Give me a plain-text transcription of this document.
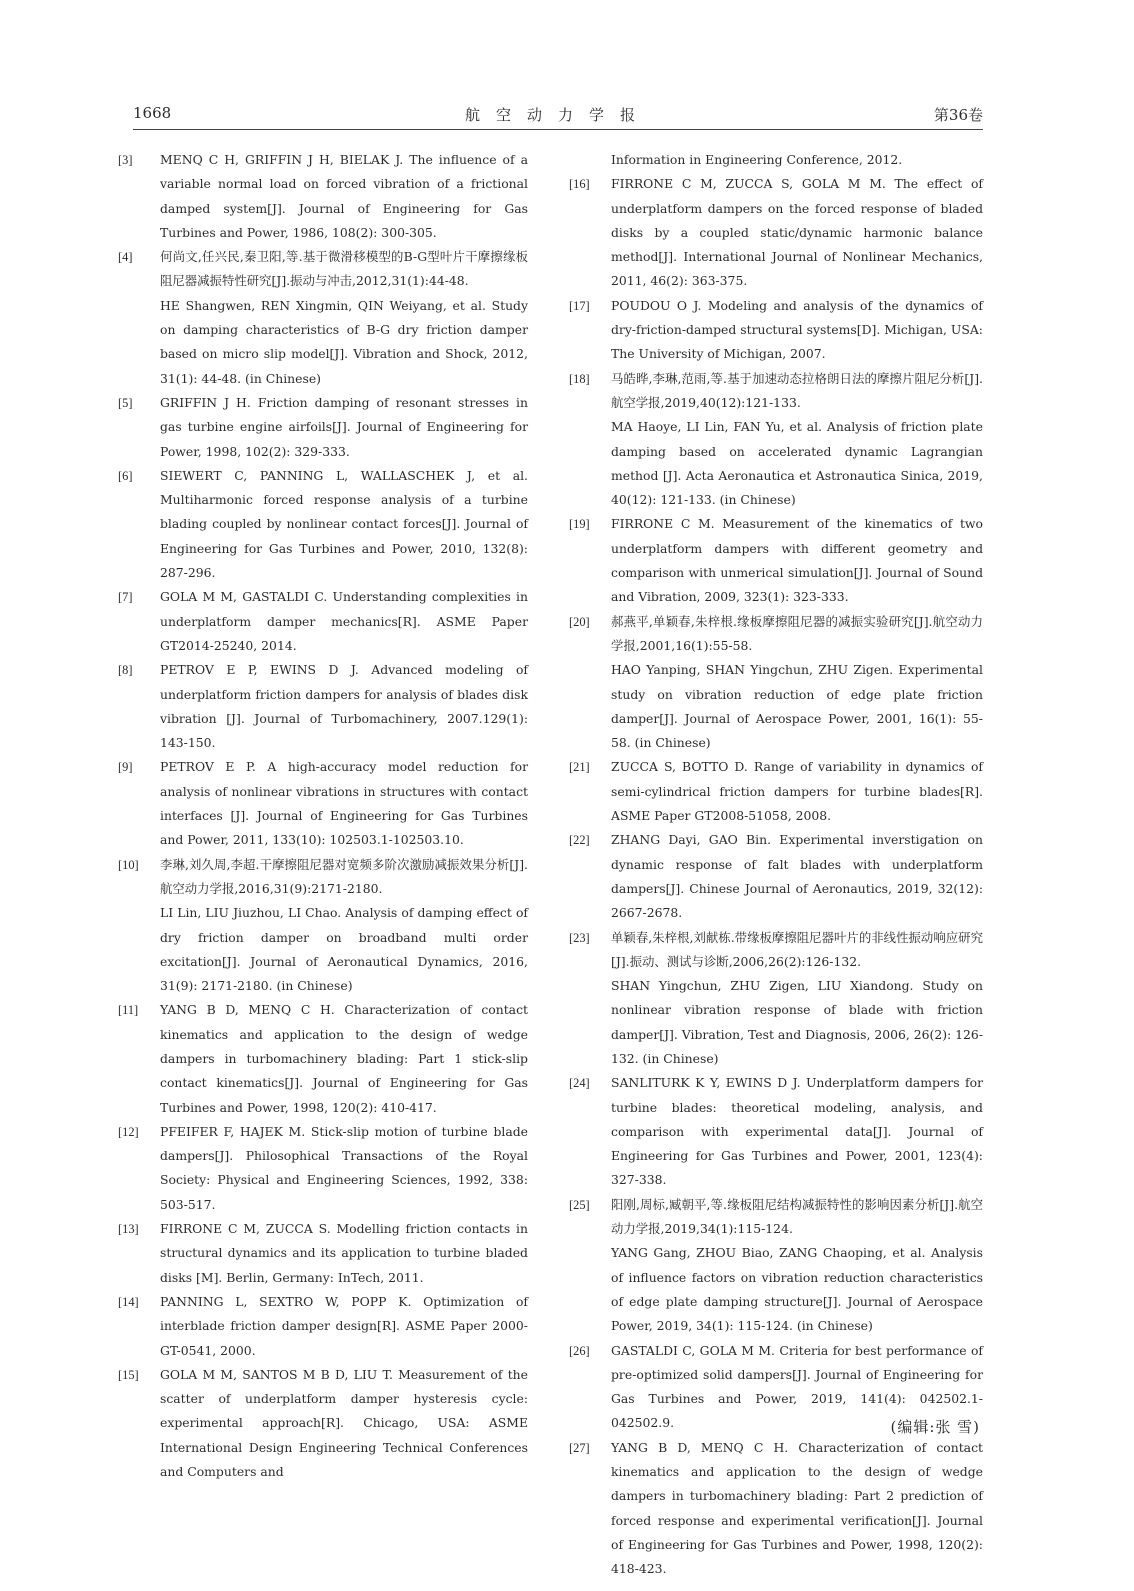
1668	航空动力学报	第36卷
[3]	MENQ C H, GRIFFIN J H, BIELAK J. The influence of a variable normal load on forced vibration of a frictional damped system[J]. Journal of Engineering for Gas Turbines and Power, 1986, 108(2): 300-305.
[4]	何尚文,任兴民,秦卫阳,等.基于微滑移模型的B-G型叶片干摩擦缘板阻尼器减振特性研究[J].振动与冲击,2012,31(1):44-48.
HE Shangwen, REN Xingmin, QIN Weiyang, et al. Study on damping characteristics of B-G dry friction damper based on micro slip model[J]. Vibration and Shock, 2012, 31(1): 44-48. (in Chinese)
[5]	GRIFFIN J H. Friction damping of resonant stresses in gas turbine engine airfoils[J]. Journal of Engineering for Power, 1998, 102(2): 329-333.
[6]	SIEWERT C, PANNING L, WALLASCHEK J, et al. Multiharmonic forced response analysis of a turbine blading coupled by nonlinear contact forces[J]. Journal of Engineering for Gas Turbines and Power, 2010, 132(8): 287-296.
[7]	GOLA M M, GASTALDI C. Understanding complexities in underplatform damper mechanics[R]. ASME Paper GT2014-25240, 2014.
[8]	PETROV E P, EWINS D J. Advanced modeling of underplatform friction dampers for analysis of blades disk vibration [J]. Journal of Turbomachinery, 2007.129(1): 143-150.
[9]	PETROV E P. A high-accuracy model reduction for analysis of nonlinear vibrations in structures with contact interfaces [J]. Journal of Engineering for Gas Turbines and Power, 2011, 133(10): 102503.1-102503.10.
[10]	李琳,刘久周,李超.干摩擦阻尼器对宽频多阶次激励减振效果分析[J].航空动力学报,2016,31(9):2171-2180.
LI Lin, LIU Jiuzhou, LI Chao. Analysis of damping effect of dry friction damper on broadband multi order excitation[J]. Journal of Aeronautical Dynamics, 2016, 31(9): 2171-2180. (in Chinese)
[11]	YANG B D, MENQ C H. Characterization of contact kinematics and application to the design of wedge dampers in turbomachinery blading: Part 1 stick-slip contact kinematics[J]. Journal of Engineering for Gas Turbines and Power, 1998, 120(2): 410-417.
[12]	PFEIFER F, HAJEK M. Stick-slip motion of turbine blade dampers[J]. Philosophical Transactions of the Royal Society: Physical and Engineering Sciences, 1992, 338: 503-517.
[13]	FIRRONE C M, ZUCCA S. Modelling friction contacts in structural dynamics and its application to turbine bladed disks [M]. Berlin, Germany: InTech, 2011.
[14]	PANNING L, SEXTRO W, POPP K. Optimization of interblade friction damper design[R]. ASME Paper 2000-GT-0541, 2000.
[15]	GOLA M M, SANTOS M B D, LIU T. Measurement of the scatter of underplatform damper hysteresis cycle: experimental approach[R]. Chicago, USA: ASME International Design Engineering Technical Conferences and Computers and
Information in Engineering Conference, 2012.
[16]	FIRRONE C M, ZUCCA S, GOLA M M. The effect of underplatform dampers on the forced response of bladed disks by a coupled static/dynamic harmonic balance method[J]. International Journal of Nonlinear Mechanics, 2011, 46(2): 363-375.
[17]	POUDOU O J. Modeling and analysis of the dynamics of dry-friction-damped structural systems[D]. Michigan, USA: The University of Michigan, 2007.
[18]	马皓晔,李琳,范雨,等.基于加速动态拉格朗日法的摩擦片阻尼分析[J].航空学报,2019,40(12):121-133.
MA Haoye, LI Lin, FAN Yu, et al. Analysis of friction plate damping based on accelerated dynamic Lagrangian method [J]. Acta Aeronautica et Astronautica Sinica, 2019, 40(12): 121-133. (in Chinese)
[19]	FIRRONE C M. Measurement of the kinematics of two underplatform dampers with different geometry and comparison with unmerical simulation[J]. Journal of Sound and Vibration, 2009, 323(1): 323-333.
[20]	郝燕平,单颖春,朱梓根.缘板摩擦阻尼器的减振实验研究[J].航空动力学报,2001,16(1):55-58.
HAO Yanping, SHAN Yingchun, ZHU Zigen. Experimental study on vibration reduction of edge plate friction damper[J]. Journal of Aerospace Power, 2001, 16(1): 55-58. (in Chinese)
[21]	ZUCCA S, BOTTO D. Range of variability in dynamics of semi-cylindrical friction dampers for turbine blades[R]. ASME Paper GT2008-51058, 2008.
[22]	ZHANG Dayi, GAO Bin. Experimental inverstigation on dynamic response of falt blades with underplatform dampers[J]. Chinese Journal of Aeronautics, 2019, 32(12): 2667-2678.
[23]	单颖春,朱梓根,刘献栋.带缘板摩擦阻尼器叶片的非线性振动响应研究[J].振动、测试与诊断,2006,26(2):126-132.
SHAN Yingchun, ZHU Zigen, LIU Xiandong. Study on nonlinear vibration response of blade with friction damper[J]. Vibration, Test and Diagnosis, 2006, 26(2): 126-132. (in Chinese)
[24]	SANLITURK K Y, EWINS D J. Underplatform dampers for turbine blades: theoretical modeling, analysis, and comparison with experimental data[J]. Journal of Engineering for Gas Turbines and Power, 2001, 123(4): 327-338.
[25]	阳刚,周标,臧朝平,等.缘板阻尼结构减振特性的影响因素分析[J].航空动力学报,2019,34(1):115-124.
YANG Gang, ZHOU Biao, ZANG Chaoping, et al. Analysis of influence factors on vibration reduction characteristics of edge plate damping structure[J]. Journal of Aerospace Power, 2019, 34(1): 115-124. (in Chinese)
[26]	GASTALDI C, GOLA M M. Criteria for best performance of pre-optimized solid dampers[J]. Journal of Engineering for Gas Turbines and Power, 2019, 141(4): 042502.1-042502.9.
[27]	YANG B D, MENQ C H. Characterization of contact kinematics and application to the design of wedge dampers in turbomachinery blading: Part 2 prediction of forced response and experimental verification[J]. Journal of Engineering for Gas Turbines and Power, 1998, 120(2): 418-423.
(编辑:张 雪)
